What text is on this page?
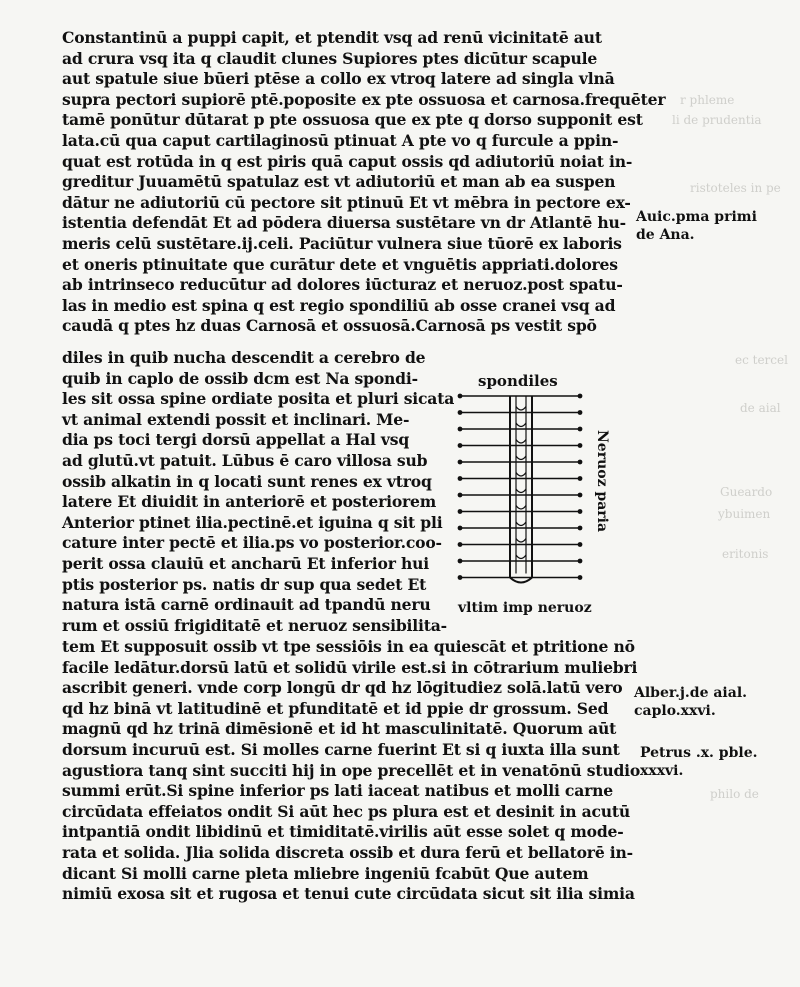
r phleme
li de prudentia
ristoteles in pe
ec tercel
de aial
Gueardo
ybuimen
eritonis
philo de
Constantinū a puppi capit, et ptendit vsq ad renū vicinitatē aut
ad crura vsq ita q claudit clunes Supiores ptes dicūtur scapule
aut spatule siue būeri ptēse a collo ex vtroq latere ad singla vlnā
supra pectori supiorē ptē.poposite ex pte ossuosa et carnosa.frequēter
tamē ponūtur dūtarat p pte ossuosa que ex pte q dorso supponit est
lata.cū qua caput cartilaginosū ptinuat A pte vo q furcule a ppin-
quat est rotūda in q est piris quā caput ossis qd adiutoriū noiat in-
greditur Juuamētū spatulaz est vt adiutoriū et man ab ea suspen
dātur ne adiutoriū cū pectore sit ptinuū Et vt mēbra in pectore ex-
istentia defendāt Et ad pōdera diuersa sustētare vn dr Atlantē hu-
meris celū sustētare.ij.celi. Paciūtur vulnera siue tūorē ex laboris
et oneris ptinuitate que curātur dete et vnguētis appriati.dolores
ab intrinseco reducūtur ad dolores iūcturaz et neruoz.post spatu-
las in medio est spina q est regio spondiliū ab osse cranei vsq ad
caudā q ptes hz duas Carnosā et ossuosā.Carnosā ps vestit spō
diles in quib nucha descendit a cerebro de
quib in caplo de ossib dcm est Na spondi-
les sit ossa spine ordiate posita et pluri sicata
vt animal extendi possit et inclinari. Me-
dia ps toci tergi dorsū appellat a Hal vsq
ad glutū.vt patuit. Lūbus ē caro villosa sub
ossib alkatin in q locati sunt renes ex vtroq
latere Et diuidit in anteriorē et posteriorem
Anterior ptinet ilia.pectinē.et iguina q sit pli
cature inter pectē et ilia.ps vo posterior.coo-
perit ossa clauiū et ancharū Et inferior hui
ptis posterior ps. natis dr sup qua sedet Et
natura istā carnē ordinauit ad tpandū neru
rum et ossiū frigiditatē et neruoz sensibilita-
spondiles
Neruoz paria
vltim imp neruoz
tem Et supposuit ossib vt tpe sessiōis in ea quiescāt et ptritione nō
facile ledātur.dorsū latū et solidū virile est.si in cōtrarium muliebri
ascribit generi. vnde corp longū dr qd hz lōgitudiez solā.latū vero
qd hz binā vt latitudinē et pfunditatē et id ppie dr grossum. Sed
magnū qd hz trinā dimēsionē et id ht masculinitatē. Quorum aūt
dorsum incuruū est. Si molles carne fuerint Et si q iuxta illa sunt
agustiora tanq sint succiti hij in ope precellēt et in venatōnū studio
summi erūt.Si spine inferior ps lati iaceat natibus et molli carne
circūdata effeiatos ondit Si aūt hec ps plura est et desinit in acutū
intpantiā ondit libidinū et timiditatē.virilis aūt esse solet q mode-
rata et solida. Jlia solida discreta ossib et dura ferū et bellatorē in-
dicant Si molli carne pleta mliebre ingeniū fcabūt Que autem
nimiū exosa sit et rugosa et tenui cute circūdata sicut sit ilia simia
Auic.pma primi
de Ana.
Alber.j.de aial.
caplo.xxvi.
Petrus .x. pble.
xxxvi.
